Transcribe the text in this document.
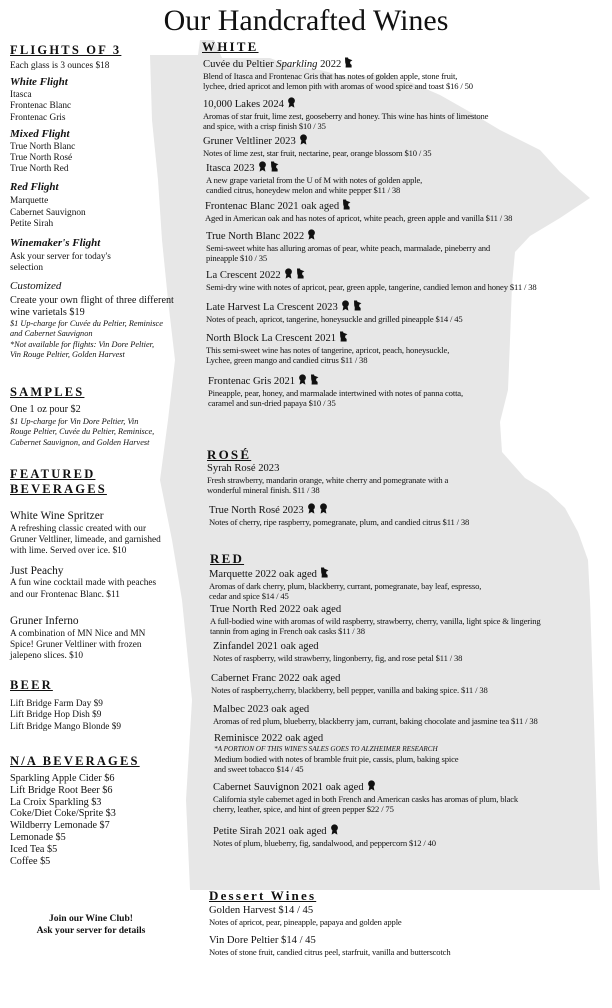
Our Handcrafted Wines
FLIGHTS OF 3
Each glass is 3 ounces $18
White Flight
Itasca
Frontenac Blanc
Frontenac Gris
Mixed Flight
True North Blanc
True North Rosé
True North Red
Red Flight
Marquette
Cabernet Sauvignon
Petite Sirah
Winemaker's Flight
Ask your server for today's
selection
Customized
Create your own flight of three different
wine varietals $19
$1 Up-charge for Cuvée du Peltier, Reminisce
and Cabernet Sauvignon
*Not available for flights: Vin Dore Peltier,
Vin Rouge Peltier, Golden Harvest
SAMPLES
One 1 oz pour $2
$1 Up-charge for Vin Dore Peltier, Vin
Rouge Peltier, Cuvée du Peltier, Reminisce,
Cabernet Sauvignon, and Golden Harvest
FEATURED BEVERAGES
White Wine Spritzer
A refreshing classic created with our
Gruner Veltliner, limeade, and garnished
with lime. Served over ice. $10
Just Peachy
A fun wine cocktail made with peaches
and our Frontenac Blanc. $11
Gruner Inferno
A combination of MN Nice and MN
Spice! Gruner Veltliner with frozen
jalepeno slices. $10
BEER
Lift Bridge Farm Day $9
Lift Bridge Hop Dish $9
Lift Bridge Mango Blonde $9
N/A BEVERAGES
Sparkling Apple Cider $6
Lift Bridge Root Beer $6
La Croix Sparkling $3
Coke/Diet Coke/Sprite $3
Wildberry Lemonade $7
Lemonade $5
Iced Tea $5
Coffee $5
Join our Wine Club!
Ask your server for details
WHITE
Cuvée du Peltier Sparkling 2022
Blend of Itasca and Frontenac Gris that has notes of golden apple, stone fruit,
lychee, dried apricot and lemon pith with aromas of wood spice and toast $16 / 50
10,000 Lakes 2024
Aromas of star fruit, lime zest, gooseberry and honey. This wine has hints of limestone
and spice, with a crisp finish $10 / 35
Gruner Veltliner 2023
Notes of lime zest, star fruit, nectarine, pear, orange blossom $10 / 35
Itasca 2023
A new grape varietal from the U of M with notes of golden apple,
candied citrus, honeydew melon and white pepper $11 / 38
Frontenac Blanc 2021 oak aged
Aged in American oak and has notes of apricot, white peach, green apple and vanilla $11 / 38
True North Blanc 2022
Semi-sweet white has alluring aromas of pear, white peach, marmalade, pineberry and
pineapple $10 / 35
La Crescent 2022
Semi-dry wine with notes of apricot, pear, green apple, tangerine, candied lemon and honey $11 / 38
Late Harvest La Crescent 2023
Notes of peach, apricot, tangerine, honeysuckle and grilled pineapple $14 / 45
North Block La Crescent 2021
This semi-sweet wine has notes of tangerine, apricot, peach, honeysuckle,
Lychee, green mango and candied citrus $11 / 38
Frontenac Gris 2021
Pineapple, pear, honey, and marmalade intertwined with notes of panna cotta,
caramel and sun-dried papaya $10 / 35
ROSÉ
Syrah Rosé 2023
Fresh strawberry, mandarin orange, white cherry and pomegranate with a
wonderful mineral finish. $11 / 38
True North Rosé 2023
Notes of cherry, ripe raspberry, pomegranate, plum, and candied citrus $11 / 38
RED
Marquette 2022 oak aged
Aromas of dark cherry, plum, blackberry, currant, pomegranate, bay leaf, espresso,
cedar and spice $14 / 45
True North Red 2022 oak aged
A full-bodied wine with aromas of wild raspberry, strawberry, cherry, vanilla, light spice & lingering
tannin from aging in French oak casks $11 / 38
Zinfandel 2021 oak aged
Notes of raspberry, wild strawberry, lingonberry, fig, and rose petal $11 / 38
Cabernet Franc 2022 oak aged
Notes of raspberry,cherry, blackberry, bell pepper, vanilla and baking spice. $11 / 38
Malbec 2023 oak aged
Aromas of red plum, blueberry, blackberry jam, currant, baking chocolate and jasmine tea $11 / 38
Reminisce 2022 oak aged
*A PORTION OF THIS WINE'S SALES GOES TO ALZHEIMER RESEARCH
Medium bodied with notes of bramble fruit pie, cassis, plum, baking spice
and sweet tobacco $14 / 45
Cabernet Sauvignon 2021 oak aged
California style cabernet aged in both French and American casks has aromas of plum, black
cherry, leather, spice, and hint of green pepper $22 / 75
Petite Sirah 2021 oak aged
Notes of plum, blueberry, fig, sandalwood, and peppercorn $12 / 40
Dessert Wines
Golden Harvest $14 / 45
Notes of apricot, pear, pineapple, papaya and golden apple
Vin Dore Peltier $14 / 45
Notes of stone fruit, candied citrus peel, starfruit, vanilla and butterscotch
